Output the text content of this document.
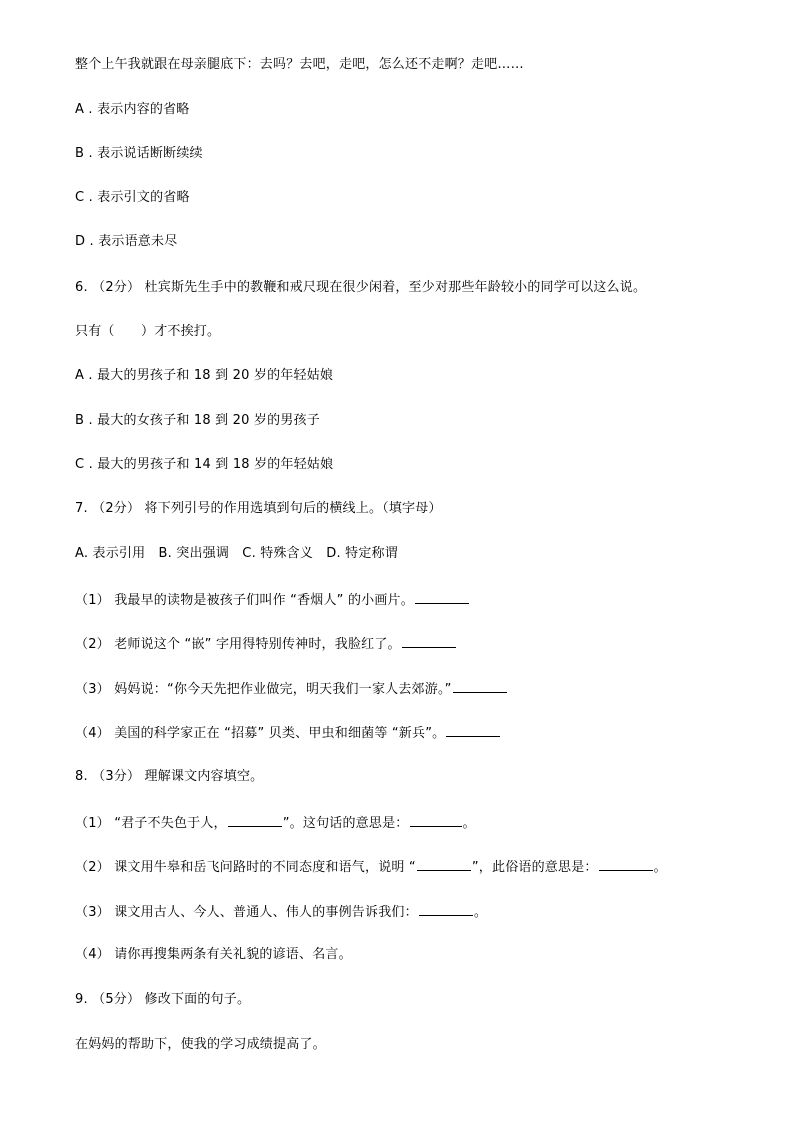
整个上午我就跟在母亲腿底下：去吗？去吧，走吧，怎么还不走啊？走吧……
A . 表示内容的省略
B . 表示说话断断续续
C . 表示引文的省略
D . 表示语意未尽
6. （2分） 杜宾斯先生手中的教鞭和戒尺现在很少闲着，至少对那些年龄较小的同学可以这么说。
只有（　　）才不挨打。
A . 最大的男孩子和 18 到 20 岁的年轻姑娘
B . 最大的女孩子和 18 到 20 岁的男孩子
C . 最大的男孩子和 14 到 18 岁的年轻姑娘
7. （2分） 将下列引号的作用选填到句后的横线上。（填字母）
A. 表示引用　B. 突出强调　C. 特殊含义　D. 特定称谓
（1） 我最早的读物是被孩子们叫作 “香烟人” 的小画片。
（2） 老师说这个 “嵌” 字用得特别传神时，我脸红了。
（3） 妈妈说：“你今天先把作业做完，明天我们一家人去郊游。”
（4） 美国的科学家正在 “招募” 贝类、甲虫和细菌等 “新兵”。
8. （3分） 理解课文内容填空。
（1） “君子不失色于人，	”。这句话的意思是：	。
（2） 课文用牛皋和岳飞问路时的不同态度和语气，说明 “	”，此俗语的意思是：	。
（3） 课文用古人、今人、普通人、伟人的事例告诉我们：	。
（4） 请你再搜集两条有关礼貌的谚语、名言。
9. （5分） 修改下面的句子。
在妈妈的帮助下，使我的学习成绩提高了。
